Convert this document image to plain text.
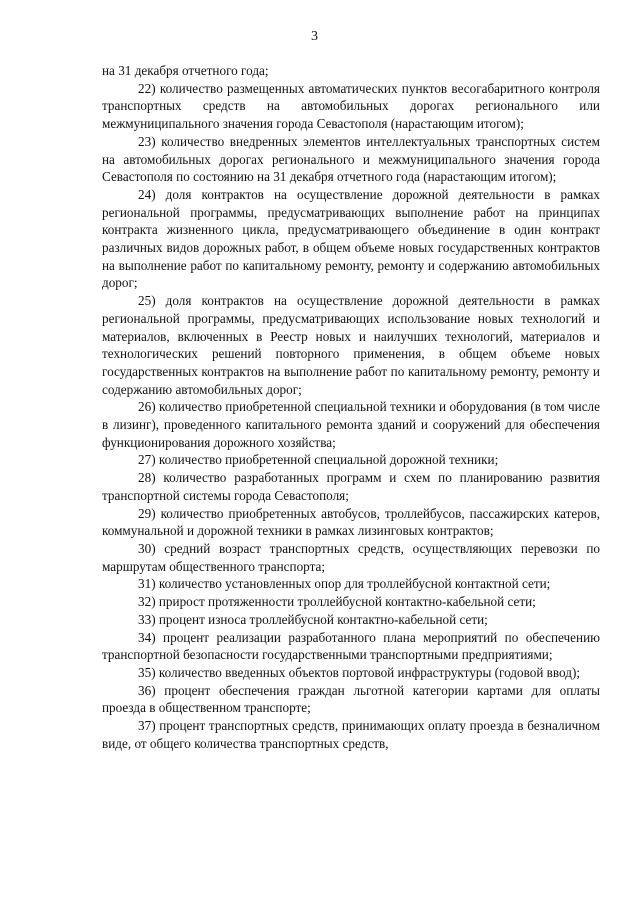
3

на 31 декабря отчетного года;

22) количество размещенных автоматических пунктов весогабаритного контроля транспортных средств на автомобильных дорогах регионального или межмуниципального значения города Севастополя (нарастающим итогом);

23) количество внедренных элементов интеллектуальных транспортных систем на автомобильных дорогах регионального и межмуниципального значения города Севастополя по состоянию на 31 декабря отчетного года (нарастающим итогом);

24) доля контрактов на осуществление дорожной деятельности в рамках региональной программы, предусматривающих выполнение работ на принципах контракта жизненного цикла, предусматривающего объединение в один контракт различных видов дорожных работ, в общем объеме новых государственных контрактов на выполнение работ по капитальному ремонту, ремонту и содержанию автомобильных дорог;

25) доля контрактов на осуществление дорожной деятельности в рамках региональной программы, предусматривающих использование новых технологий и материалов, включенных в Реестр новых и наилучших технологий, материалов и технологических решений повторного применения, в общем объеме новых государственных контрактов на выполнение работ по капитальному ремонту, ремонту и содержанию автомобильных дорог;

26) количество приобретенной специальной техники и оборудования (в том числе в лизинг), проведенного капитального ремонта зданий и сооружений для обеспечения функционирования дорожного хозяйства;

27) количество приобретенной специальной дорожной техники;

28) количество разработанных программ и схем по планированию развития транспортной системы города Севастополя;

29) количество приобретенных автобусов, троллейбусов, пассажирских катеров, коммунальной и дорожной техники в рамках лизинговых контрактов;

30) средний возраст транспортных средств, осуществляющих перевозки по маршрутам общественного транспорта;

31) количество установленных опор для троллейбусной контактной сети;

32) прирост протяженности троллейбусной контактно-кабельной сети;

33) процент износа троллейбусной контактно-кабельной сети;

34) процент реализации разработанного плана мероприятий по обеспечению транспортной безопасности государственными транспортными предприятиями;

35) количество введенных объектов портовой инфраструктуры (годовой ввод);

36) процент обеспечения граждан льготной категории картами для оплаты проезда в общественном транспорте;

37) процент транспортных средств, принимающих оплату проезда в безналичном виде, от общего количества транспортных средств,
